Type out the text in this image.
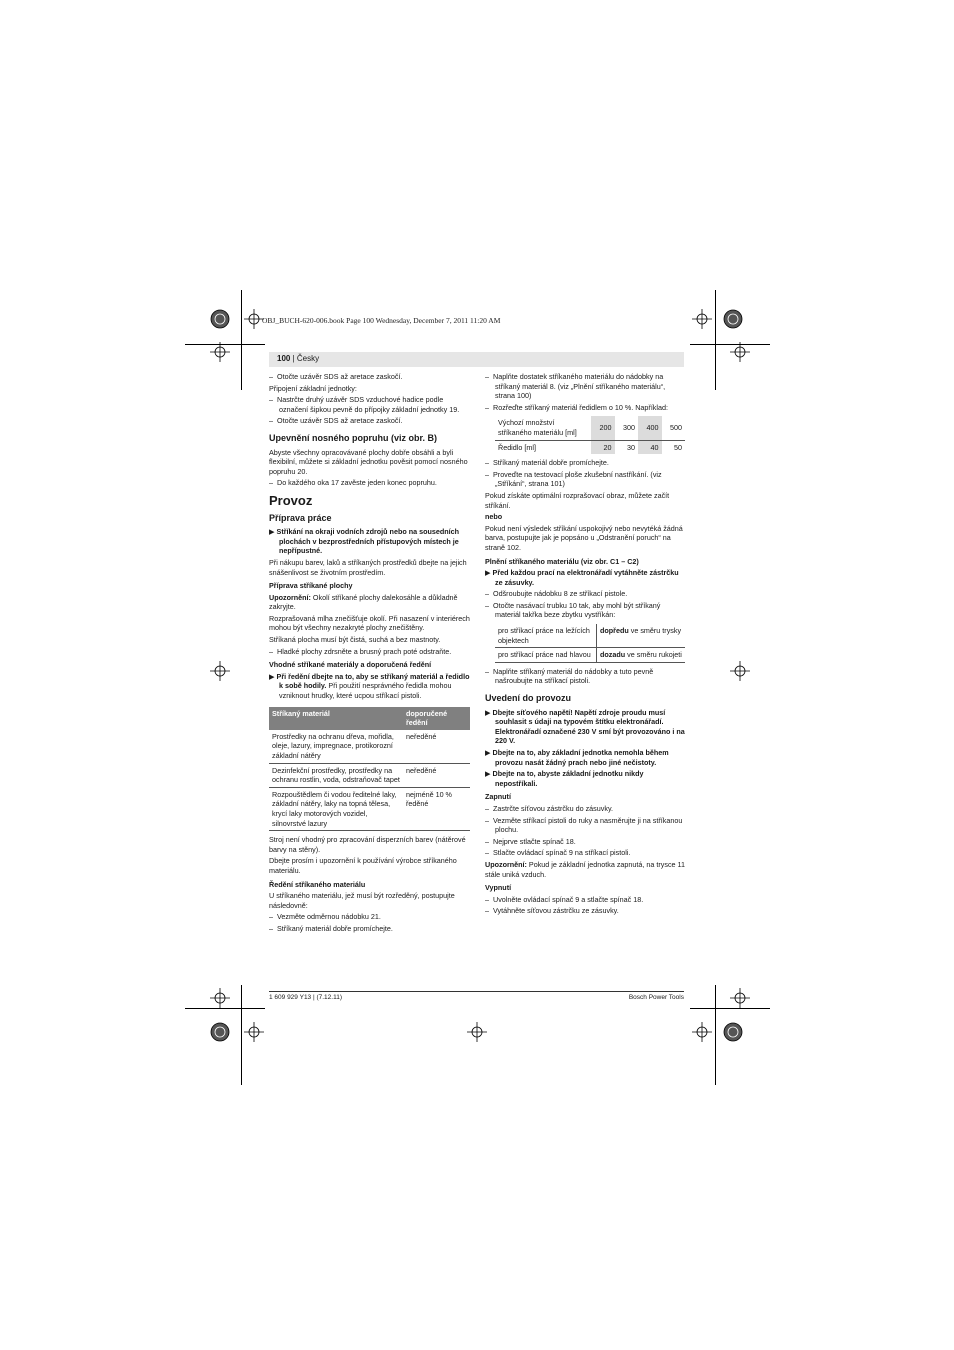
OBJ_BUCH-620-006.book Page 100 Wednesday, December 7, 2011 11:20 AM
100 | Česky

–  Otočte uzávěr SDS až aretace zaskočí.

Připojení základní jednotky:

–  Nastrčte druhý uzávěr SDS vzduchové hadice podle označení šipkou pevně do přípojky základní jednotky 19.

–  Otočte uzávěr SDS až aretace zaskočí.

Upevnění nosného popruhu (viz obr. B)

Abyste všechny opracovávané plochy dobře obsáhli a byli flexibilní, můžete si základní jednotku pověsit pomocí nosného popruhu 20.

–  Do každého oka 17 zavěste jeden konec popruhu.

Provoz
Příprava práce

▶ Stříkání na okraji vodních zdrojů nebo na sousedních plochách v bezprostředních přístupových místech je nepřípustné.

Při nákupu barev, laků a stříkaných prostředků dbejte na jejich snášenlivost se životním prostředím.

Příprava stříkané plochy

Upozornění: Okolí stříkané plochy dalekosáhle a důkladně zakryjte.

Rozprašovaná mlha znečišťuje okolí. Při nasazení v interiérech mohou být všechny nezakryté plochy znečištěny.

Stříkaná plocha musí být čistá, suchá a bez mastnoty.

–  Hladké plochy zdrsněte a brusný prach poté odstraňte.

Vhodné stříkané materiály a doporučená ředění

▶ Při ředění dbejte na to, aby se stříkaný materiál a ředidlo k sobě hodily. Při použití nesprávného ředidla mohou vzniknout hrudky, které ucpou stříkací pistoli.

Stříkaný materiál	doporučené ředění
Prostředky na ochranu dřeva, mořidla, oleje, lazury, impregnace, protikorozní základní nátěry	neředěné
Dezinfekční prostředky, prostředky na ochranu rostlin, voda, odstraňovač tapet	neředěné
Rozpouštědlem či vodou ředitelné laky, základní nátěry, laky na topná tělesa, krycí laky motorových vozidel, silnovrstvé lazury	nejméně 10 % ředěné

Stroj není vhodný pro zpracování disperzních barev (nátěrové barvy na stěny).

Dbejte prosím i upozornění k používání výrobce stříkaného materiálu.

Ředění stříkaného materiálu

U stříkaného materiálu, jež musí být rozředěný, postupujte následovně:

–  Vezměte odměrnou nádobku 21.

–  Stříkaný materiál dobře promíchejte.

–  Naplňte dostatek stříkaného materiálu do nádobky na stříkaný materiál 8. (viz „Plnění stříkaného materiálu“, strana 100)

–  Rozřeďte stříkaný materiál ředidlem o 10 %. Například:

Výchozí množství stříkaného materiálu [ml]	200	300	400	500
Ředidlo [ml]	20	30	40	50

–  Stříkaný materiál dobře promíchejte.

–  Proveďte na testovací ploše zkušební nastříkání. (viz „Stříkání“, strana 101)

Pokud získáte optimální rozprašovací obraz, můžete začít stříkání.

nebo

Pokud není výsledek stříkání uspokojivý nebo nevytéká žádná barva, postupujte jak je popsáno u „Odstranění poruch“ na straně 102.

Plnění stříkaného materiálu (viz obr. C1 – C2)

▶ Před každou prací na elektronářadí vytáhněte zástrčku ze zásuvky.

–  Odšroubujte nádobku 8 ze stříkací pistole.

–  Otočte nasávací trubku 10 tak, aby mohl být stříkaný materiál takřka beze zbytku vystříkán:

pro stříkací práce na ležících objektech	dopředu ve směru trysky
pro stříkací práce nad hlavou	dozadu ve směru rukojeti

–  Naplňte stříkaný materiál do nádobky a tuto pevně našroubujte na stříkací pistoli.

Uvedení do provozu

▶ Dbejte síťového napětí! Napětí zdroje proudu musí souhlasit s údaji na typovém štítku elektronářadí. Elektronářadí označené 230 V smí být provozováno i na 220 V.

▶ Dbejte na to, aby základní jednotka nemohla během provozu nasát žádný prach nebo jiné nečistoty.

▶ Dbejte na to, abyste základní jednotku nikdy nepostříkali.

Zapnutí

–  Zastrčte síťovou zástrčku do zásuvky.

–  Vezměte stříkací pistoli do ruky a nasměrujte ji na stříkanou plochu.

–  Nejprve stlačte spínač 18.

–  Stlačte ovládací spínač 9 na stříkací pistoli.

Upozornění: Pokud je základní jednotka zapnutá, na trysce 11 stále uniká vzduch.

Vypnutí

–  Uvolněte ovládací spínač 9 a stlačte spínač 18.

–  Vytáhněte síťovou zástrčku ze zásuvky.

1 609 929 Y13 | (7.12.11)	Bosch Power Tools
